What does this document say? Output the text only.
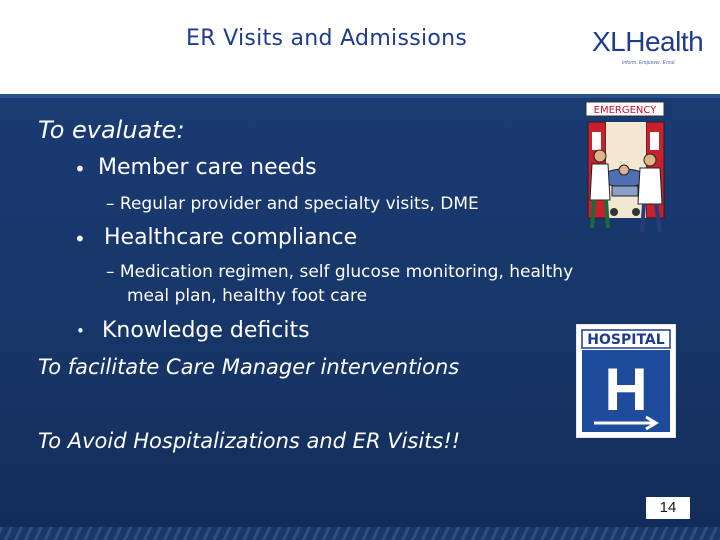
ER Visits and Admissions	XLHealth
Inform. Empower. Enrol.
To evaluate:
• Member care needs
– Regular provider and specialty visits, DME
• Healthcare compliance
– Medication regimen, self glucose monitoring, healthy
meal plan, healthy foot care
• Knowledge deficits
To facilitate Care Manager interventions
To Avoid Hospitalizations and ER Visits!!
EMERGENCY
HOSPITAL
H
14
